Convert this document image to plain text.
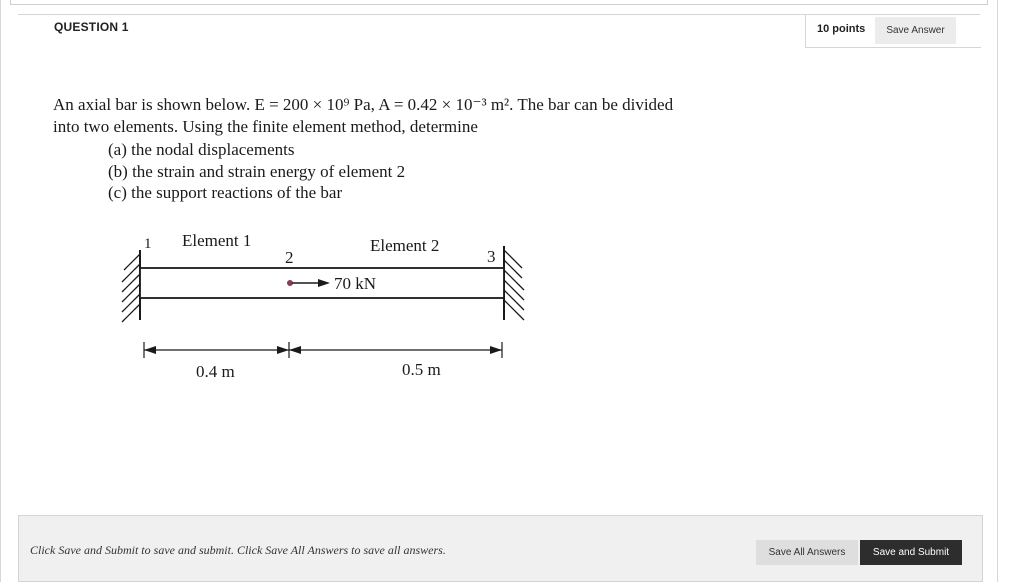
QUESTION 1	10 points	Save Answer
An axial bar is shown below. E = 200 × 10⁹ Pa, A = 0.42 × 10⁻³ m². The bar can be divided
into two elements. Using the finite element method, determine
(a) the nodal displacements
(b) the strain and strain energy of element 2
(c) the support reactions of the bar
1 Element 1
2
Element 2
3
70 kN
0.4 m	0.5 m
Click Save and Submit to save and submit. Click Save All Answers to save all answers.	Save All Answers	Save and Submit
